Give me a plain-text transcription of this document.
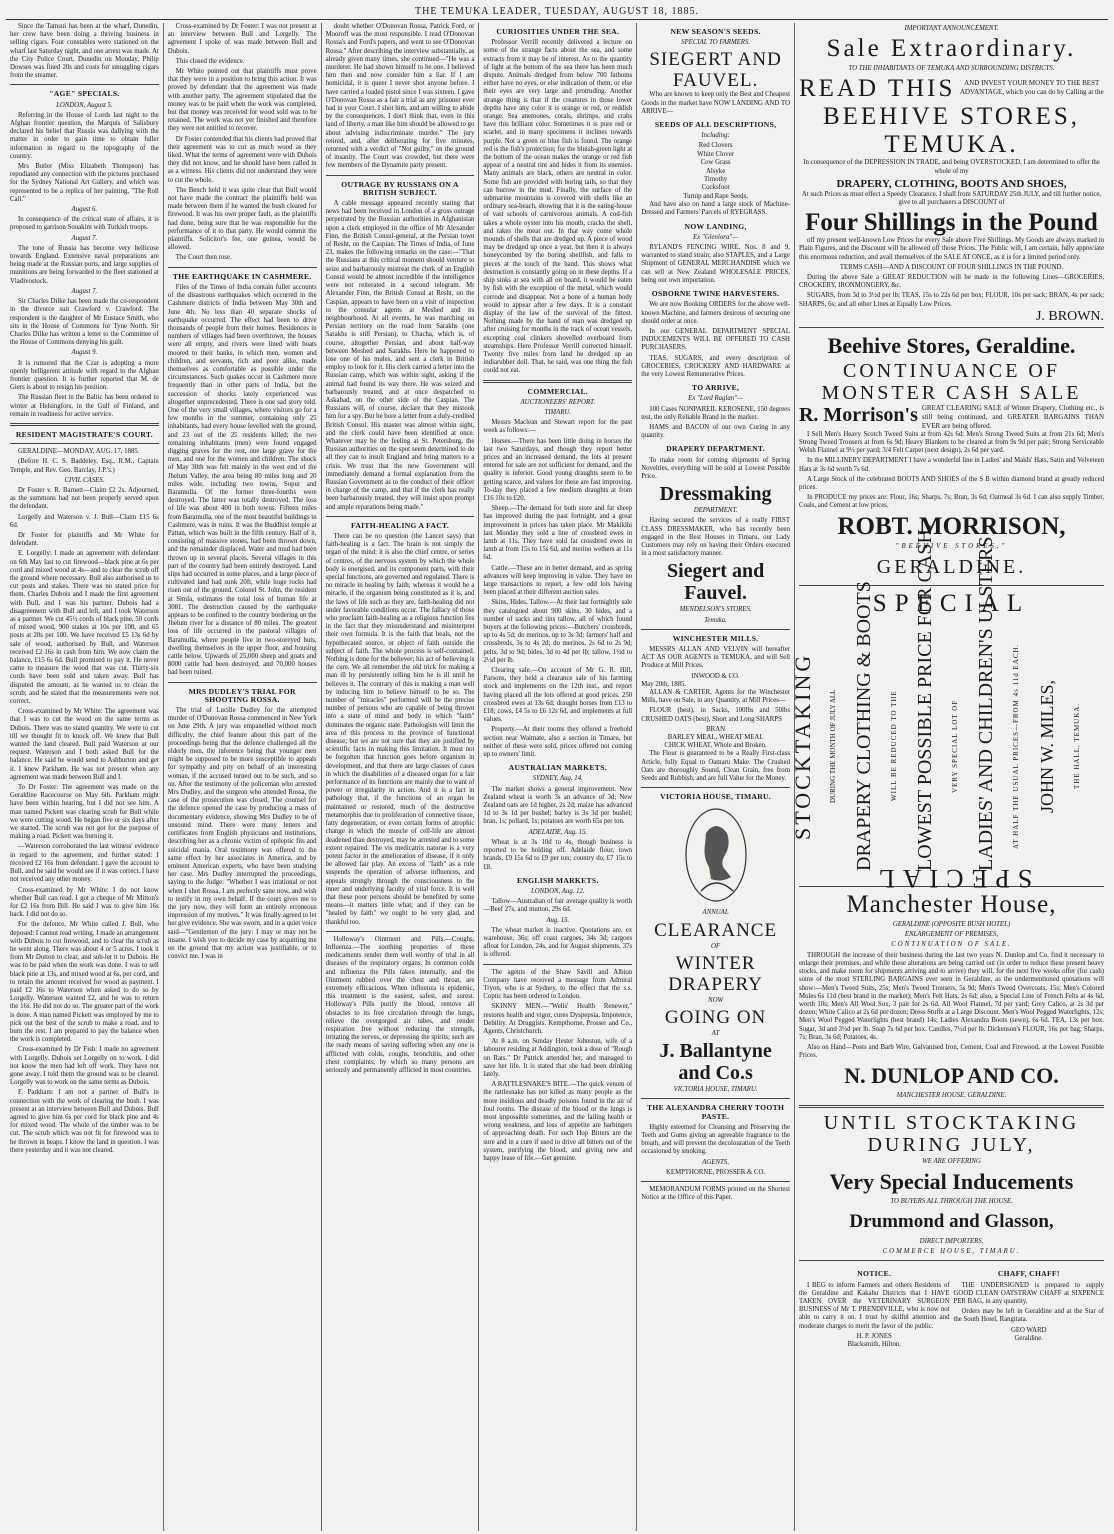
THE TEMUKA LEADER, TUESDAY, AUGUST 18, 1885.

Since the Tamsui has been at the wharf, Dunedin, her crew have been doing a thriving business in selling cigars. Four constables were stationed on the wharf last Saturday night, and one arrest was made. At the City Police Court, Dunedin on Monday, Philip Dowses was fined 20s and costs for smuggling cigars from the steamer.

"AGE" SPECIALS.
LONDON, August 5.

Referring in the House of Lords last night to the Afghan frontier question, the Marquis of Salisbury declared his belief that Russia was dallying with the matter in order to gain time to obtain fuller information in regard to the topography of the country.

Mrs Butler (Miss Elizabeth Thompson) has repudiated any connection with the pictures purchased for the Sydney National Art Gallery, and which was represented to be a replica of her painting, "The Roll Call."

August 6.

In consequence of the critical state of affairs, it is proposed to garrison Souakim with Turkish troops.

August 7.

The tone of Russia has become very bellicose towards England. Extensive naval preparations are being made at the Russian ports, and large supplies of munitions are being forwarded to the fleet stationed at Vladivostock.

August 7.

Sir Charles Dilke has been made the co-respondent in the divorce suit Crawford v. Crawford. The respondent is the daughter of Mr Eustace Smith, who sits in the House of Commons for Tyne North. Sir Charles Dilke has written a letter to the Committee of the House of Commons denying his guilt.

August 9.

It is rumored that the Czar is adopting a more openly belligerent attitude with regard to the Afghan frontier question. It is further reported that M. de Giers is about to resign his position.

The Russian fleet in the Baltic has been ordered to winter at Helsingfors, in the Gulf of Finland, and remain in readiness for active service.

RESIDENT MAGISTRATE'S COURT.

GERALDINE—MONDAY, AUG. 17, 1885.

(Before H. C. S. Baddeley, Esq., R.M., Captain Temple, and Rev. Geo. Barclay, J.P.'s.)

CIVIL CASES.

Dr Foster v. R. Barnett—Claim £2 2s. Adjourned, as the summons had not been properly served upon the defendant.

Lorgelly and Waterson v. J. Bull—Claim £15 6s 6d.

Dr Foster for plaintiffs and Mr White for defendant.

E. Lorgelly: I made an agreement with defendant on 6th May last to cut firewood—black pine at 6s per cord and mixed wood at 4s—and to clear the scrub off the ground where necessary. Bull also authorised us to cut posts and stakes. There was no stated price for them. Charles Dubois and I made the first agreement with Bull, and I was his partner. Dubois had a disagreement with Bull and left, and I took Waterson as a partner. We cut 45½ cords of black pine, 50 cords of mixed wood, 900 stakes at 10s per 100, and 65 posts at 20s per 100. We have received £5 13s 6d by sale of wood, authorised by Bull, and Waterson received £2 16s in cash from him. We now claim the balance, £15 6s 6d. Bull promised to pay it. He never came to measure the wood that was cut. Thirty-six cords have been sold and taken away. Bull has disputed the amount, as he wanted us to clean the scrub; and he stated that the measurements were not correct.

Cross-examined by Mr White: The agreement was that I was to cut the wood on the same terms as Dubois. There was no stated quantity. We were to cut till we thought fit to knock off. We knew that Bull wanted the land cleared. Bull paid Waterson at our request. Waterson and I both asked Bull for the balance. He said he would send to Ashburton and get it. I knew Parkham. He was not present when any agreement was made between Bull and I.

To Dr Foster: The agreement was made on the Geraldine Racecourse on May 6th. Parkham might have been within hearing, but I did not see him. A man named Pickett was clearing scrub for Bull while we were cutting wood. He began five or six days after we started. The scrub was not got for the purpose of making a road. Pickett was burning it.

—Waterson corroborated the last witness' evidence in regard to the agreement, and further stated: I received £2 16s from defendant. I gave the account to Bull, and he said he would see if it was correct. I have not received any other money.

Cross-examined by Mr White: I do not know whether Bull can read. I got a cheque of Mr Mitton's for £2 16s from Bill. He said I was to give him 16s back. I did not do so.

For the defence, Mr White called J. Bull, who deposed: I cannot read writing. I made an arrangement with Dubois to cut firewood, and to clear the scrub as he went along. There was about 4 or 5 acres. I took it from Mr Dutton to clear, and sub-let it to Dubois. He was to be paid when the work was done. I was to sell black pine at 13s, and mixed wood at 6s, per cord, and to retain the amount received for wood as payment. I paid £2 16s to Waterson when asked to do so by Lorgelly. Waterson wanted £2, and he was to return the 16s. He did not do so. The greater part of the work is done. A man named Pickett was employed by me to pick out the best of the scrub to make a road, and to burn the rest. I am prepared to pay the balance when the work is completed.

Cross-examined by Dr Fish: I made no agreement with Lorgelly. Dubois set Lorgelly on to work. I did not know the men had left off work. They have not gone away. I told them the ground was to be cleared. Lorgelly was to work on the same terms as Dubois.

F. Parkham: I am not a partner of Bull's in connection with the work of clearing the bush. I was present at an interview between Bull and Dubois. Bull agreed to give him 6s per cord for black pine and 4s for mixed wood. The whole of the timber was to be cut. The scrub which was not fit for firewood was to be thrown in heaps. I know the land in question. I was there yesterday and it was not cleared.

Cross-examined by Dr Foster: I was not present at an interview between Bull and Lorgelly. The agreement I spoke of was made between Bull and Dubois.

This closed the evidence.

Mr White pointed out that plaintiffs must prove that they were in a position to bring this action. It was proved by defendant that the agreement was made with another party. The agreement stipulated that the money was to be paid when the work was completed, but that money was received for wood sold was to be retained. The work was not yet finished and therefore they were not entitled to recover.

Dr Foster contended that his clients had proved that their agreement was to cut as much wood as they liked. What the terms of agreement were with Dubois they did not know, and he should have been called in as a witness. His clients did not understand they were to cut the whole.

The Bench held it was quite clear that Bull would not have made the contract the plaintiffs held was made between them if he wanted the bush cleared for firewood. It was his own proper fault, as the plaintiffs had done, being sure that he was responsible for the performance of it to that party. He would commit the plaintiffs. Solicitor's fee, one guinea, would be allowed.

The Court then rose.

THE EARTHQUAKE IN CASHMERE.

Files of the Times of India contain fuller accounts of the disastrous earthquakes which occurred in the Cashmere districts of India between May 30th and June 4th. No less than 40 separate shocks of earthquake occurred. The effect had been to drive thousands of people from their homes. Residences in numbers of villages had been overthrown, the houses were all empty, and rivers were lined with boats moored to their banks, in which men, women and children, and servants, rich and poor alike, made themselves as comfortable as possible under the circumstances. Such quakes occur in Cashmere more frequently than in other parts of India, but the succession of shocks lately experienced was altogether unprecedented. There is one sad story told. One of the very small villages, where visitors go for a few months in the summer, containing only 25 inhabitants, had every house levelled with the ground, and 23 out of the 25 residents killed; the two remaining inhabitants (men) were found engaged digging graves for the rest, one large grave for the men, and one for the women and children. The shock of May 30th was felt mainly in the west end of the Jhelum Valley, the area being 80 miles long and 20 miles wide, including two towns, Sopur and Baramulla. Of the former three-fourths were destroyed. The latter was totally destroyed. The loss of life was about 400 in both towns. Fifteen miles from Baramulla, one of the most beautiful buildings in Cashmere, was in ruins. It was the Buddhist temple at Pattan, which was built in the fifth century. Half of it, consisting of massive stones, had been thrown down, and the remainder displaced. Water and mud had been thrown up in several places. Several villages in this part of the country had been entirely destroyed. Land slips had occurred in some places, and a large piece of cultivated land had sunk 20ft, while huge rocks had risen out of the ground. Colonel St. John, the resident at Simla, estimates the total loss of human life at 3081. The destruction caused by the earthquake appears to be confined to the country bordering on the Jhelum river for a distance of 80 miles. The greatest loss of life occurred in the pastoral villages of Baramulla, where people live in two-storeyed huts, dwelling themselves in the upper floor, and housing cattle below. Upwards of 25,000 sheep and goats and 8000 cattle had been destroyed, and 70,000 houses had been ruined.

MRS DUDLEY'S TRIAL FOR SHOOTING ROSSA.

The trial of Lucille Dudley for the attempted murder of O'Donovan Rossa commenced in New York on June 29th. A jury was empanelled without much difficulty, the chief feature about this part of the proceedings being that the defence challenged all the elderly men, the inference being that younger men might be supposed to be more susceptible to appeals for sympathy and pity on behalf of an interesting woman, if the accused turned out to be such, and so on. After the testimony of the policeman who arrested Mrs Dudley, and the surgeon who attended Rossa, the case of the prosecution was closed. The counsel for the defence opened the case by producing a mass of documentary evidence, showing Mrs Dudley to be of unsound mind. There were many letters and certificates from English physicians and institutions, describing her as a chronic victim of epileptic fits and suicidal mania. Oral testimony was offered to the same effect by her associates in America, and by eminent American experts, who have been studying her case. Mrs Dudley interrupted the proceedings, saying to the Judge: "Whether I was irrational or not when I shot Rossa, I am perfectly sane now, and wish to testify in my own behalf. If the court gives me to the jury now, they will form an entirely erroneous impression of my motives." It was finally agreed to let her give evidence. She was sworn, and in a quiet voice said—"Gentlemen of the jury: I may or may not be insane. I wish you to decide my case by acquitting me on the ground that my action was justifiable, or to convict me. I was in

doubt whether O'Donovan Rossa, Patrick Ford, or Mooroff was the most responsible. I read O'Donovan Rossa's and Ford's papers, and went to see O'Donovan Rossa." After describing the interview substantially, as already given many times, she continued—"He was a murderer. He had shown himself to be one. I believed him then and now consider him a liar. If I am homicidal, it is queer I never shot anyone before. I have carried a loaded pistol since I was sixteen. I gave O'Donovan Rossa as a fair a trial as any prisoner ever had in your Court. I shot him, and am willing to abide by the consequences. I don't think that, even in this land of liberty, a man like him should be allowed to go about advising indiscriminate murder." The jury retired, and, after deliberating for five minutes, returned with a verdict of "Not guilty," on the ground of insanity. The Court was crowded, but there were few members of the Dynamite party present.

OUTRAGE BY RUSSIANS ON A BRITISH SUBJECT.

A cable message appeared recently stating that news had been received in London of a gross outrage perpetrated by the Russian authorities in Afghanistan upon a clerk employed in the office of Mr Alexander Finn, the British Consul-general, at the Persian town of Resht, on the Caspian. The Times of India, of June 23, makes the following remarks on the case:—"That the Russians at this critical moment should venture to seize and barbarously mistreat the clerk of an English Consul would be almost incredible if the intelligence were not reiterated in a second telegram. Mr Alexander Finn, the British Consul at Resht, on the Caspian, appears to have been on a visit of inspection to the consular agents at Meshed and its neighbourhood. At all events, he was marching on Persian territory on the road from Sarakhs (one Sarakhs is still Persian), to Chacha, which is, of course, altogether Persian, and about half-way between Meshed and Sarakhs. Here he happened to lose one of his mules, and sent a clerk in British employ to look for it. His clerk carried a letter into the Russian camp, which was within sight, asking if the animal had found its way there. He was seized and barbarously treated, and at once despatched to Askabad, on the other side of the Caspian. The Russians will, of course, declare that they mistook him for a spy. But he bore a letter from a duly-credited British Consul. His master was almost within sight, and the clerk could have been identified at once. Whatever may be the feeling at St. Petersburg, the Russian authorities on the spot seem determined to do all they can to insult England and bring matters to a crisis. We trust that the new Government will immediately demand a formal explanation from the Russian Government as to the conduct of their officer in charge of the camp, and that if the clerk has really been barbarously treated, they will insist upon prompt and ample reparations being made."

FAITH-HEALING A FACT.

There can be no question (the Lancet says) that faith-healing is a fact. The brain is not simply the organ of the mind: it is also the chief centre, or series of centres, of the nervous system by which the whole body is energised, and its component parts, with their special functions, are governed and regulated. There is no miracle in healing by faith; whereas it would be a miracle, if the organism being constituted as it is, and the laws of life such as they are, faith-healing did not under favorable conditions occur. The fallacy of those who proclaim faith-healing as a religious function lies in the fact that they misunderstand and misinterpret their own formula. It is the faith that heals, not the hypothecated source, or object of faith outside the subject of faith. The whole process is self-contained. Nothing is done for the believer; his act of believing is the cure. We all remember the old trick for making a man ill by persistently telling him he is ill until he believes it. The contrary of this is making a man well by inducing him to believe himself to be so. The number of "miracles" performed will be the precise number of persons who are capable of being thrown into a state of mind and body in which "faith" dominates the organic state. Pathologists will limit the area of this process to the province of functional disease; but we are not sure that they are justified by scientific facts in making this limitation. It must not be forgotten that function goes before organism in development, and that there are large classes of cases in which the disabilities of a diseased organ for a fair performance of its functions are mainly due to want of power or irregularity in action. And it is a fact in pathology that, if the functions of an organ be maintained or restored, much of the destructive metamorphis due to proliferation of connective tissue, fatty degeneration, or even certain forms of atrophic change in which the muscle of cell-life are almost deadened than destroyed, may be arrested and to some extent repaired. The vis medicatrix naturae is a very potent factor in the amelioration of disease, if it only be allowed fair play. An excess of "faith" as a rule suspends the operation of adverse influences, and appeals strongly through the consciousness to the inner and underlying faculty of vital force. It is well that these poor persons should be benefited by some means—it matters little what; and if they can be "healed by faith" we ought to be very glad, and thankful too.

Holloway's Ointment and Pills.—Coughs, Influenza.—The soothing properties of these medicaments render them well worthy of trial in all diseases of the respiratory organs. In common colds and influenza the Pills taken internally, and the Ointment rubbed over the chest and throat, are extremely efficacious. When influenza is epidemic, this treatment is the easiest, safest, and surest. Holloway's Pills purify the blood, remove all obstacles to its free circulation through the lungs, relieve the overgorged air tubes, and render respiration free without reducing the strength, irritating the nerves, or depressing the spirits; such are the ready means of saving suffering when any one is afflicted with colds, coughs, bronchitis, and other chest complaints, by which so many persons are seriously and permanently afflicted in most countries.

CURIOSITIES UNDER THE SEA.

Professor Verrill recently delivered a lecture on some of the strange facts about the sea, and some extracts from it may be of interest. As to the quantity of light at the bottom of the sea there has been much dispute. Animals dredged from below 700 fathoms either have no eyes, or else indication of them, or else their eyes are very large and protruding. Another strange thing is that if the creatures in those lower depths have any color it is orange or red, or reddish orange. Sea anemones, corals, shrimps, and crabs have this brilliant color. Sometimes it is pure red or scarlet, and in many specimens it inclines towards purple. Not a green or blue fish is found. The orange red is the fish's protection; for the bluish-green light at the bottom of the ocean makes the orange or red fish appear of a neutral tint and hides it from its enemies. Many animals are black, others are neutral in color. Some fish are provided with boring tails, so that they can burrow in the mud. Finally, the surface of the submarine mountains is covered with shells like an ordinary sea-beach, showing that it is the eating-house of vast schools of carnivorous animals. A cod-fish takes a whole oyster into his mouth, cracks the shell, and takes the meat out. In that way come whole mounds of shells that are dredged up. A piece of wood may be dredged up once a year, but then it is always honeycombed by the boring shellfish, and falls to pieces at the touch of the hand. This shows what destruction is constantly going on in these depths. If a ship sinks at sea with all on board, it would be eaten by fish with the exception of the metal, which would corrode and disappear. Not a bone of a human body would to appear after a few days. It is a constant display of the law of the survival of the fittest. Nothing made by the hand of man was dredged up after cruising for months in the track of ocean vessels, excepting coal clinkers shovelled overboard from steamships. Here Professor Verrill corrected himself. Twenty five miles from land he dredged up an indiarubber doll. That, he said, was one thing the fish could not eat.

COMMERCIAL.
AUCTIONEERS' REPORT.
TIMARU.

Messrs Maclean and Stewart report for the past week as follows:—

Horses.—There has been little doing in horses the last two Saturdays, and though they report better prices and an increased demand, the lots at present entered for sale are not sufficient for demand, and the quality is inferior. Good young draughts seem to be getting scarce, and values for these are fast improving. To-day they placed a few medium draughts at from £16 10s to £20.

Sheep.—The demand for both store and fat sheep has improved during the past fortnight, and a great improvement in prices has taken place. Mr Makikihi last Monday they sold a line of crossbred ewes in lamb at 11s. They have sold fat crossbred ewes in lamb at from 15s to 15s 6d, and merino wethers at 11s 6d.

Cattle.—These are in better demand, and as spring advances will keep improving in value. They have no large transactions to report, a few odd lots having been placed at their different auction sales.

Skins, Hides, Tallow.—At their last fortnightly sale they catalogued about 900 skins, 30 hides, and a number of sacks and tins tallow, all of which found buyers at the following prices:—Butchers' crossbreds, up to 4s 5d; do merinos, up to 3s 3d; farmers' half and crossbreds, 3s to 4s 2d; do merinos, 2s 6d to 2s 9d; pelts, 3d to 9d; hides, 3d to 4d per lb; tallow, 1½d to 2½d per lb.

Clearing sale.—On account of Mr G. R. Hill, Parsons, they held a clearance sale of his farming stock and implements on the 12th inst., and report having placed all the lots offered at good prices. 250 crossbred ewes at 13s 6d; draught horses from £13 to £18; cows, £4 5s to £6 12s 6d, and implements at full values.

Property.—At their rooms they offered a freehold section near Waimate, also a section in Timaru, but neither of these were sold, prices offered not coming up to owners' limit.

AUSTRALIAN MARKETS.
SYDNEY, Aug. 14.

The market shows a general improvement. New Zealand wheat is worth 3s an advance of 3d; New Zealand oats are 1d higher, 2s 2d; maize has advanced 1d to 3s 1d per bushel; barley is 3s 3d per bushel; bran, 1s; pollard, 1s; potatoes are worth 65s per ton.

ADELAIDE, Aug. 15.

Wheat is at 3s 10d to 4s, though business is reported to be holding off. Adelaide flour, town brands, £9 15s 6d to £9 per ton; country do, £7 15s to £8.

ENGLISH MARKETS.
LONDON, Aug. 12.

Tallow—Australian of fair average quality is worth—Beef 27s, and mutton, 29s 6d.

Aug. 15.

The wheat market is inactive. Quotations are, ex warehouse, 36s; off coast cargoes, 34s 3d; cargoes afloat for London, 24s, and for August shipments, 37s is offered.

The agents of the Shaw Savill and Albion Company have received a message from Admiral Tryon, who is at Sydney, to the effect that the s.s. Coptic has been ordered to London.

SKINNY MEN.—"Wells' Health Renewer," restores health and vigor, cures Dyspepsia, Impotence, Debility. At Druggists. Kempthorne, Prosser and Co., Agents, Christchurch.

At 8 a.m. on Sunday Hester Johnston, wife of a labourer residing at Addington, took a dose of "Rough on Rats." Dr Patrick attended her, and managed to save her life. It is stated that she had been drinking lately.

A RATTLESNAKE'S BITE.—The quick venom of the rattlesnake has not killed as many people as the more insidious and deadly poisons found in the air of foul rooms. The disease of the blood or the lungs is most impossible sometimes, and the failing health or wrong weakness, and loss of appetite are harbingers of approaching death. For such Hop Bitters are the sure and in a cure if used to drive all bitters out of the system, purifying the blood, and giving new and happy lease of life.—Get genuine.

NEW SEASON'S SEEDS.
SPECIAL TO FARMERS.
SIEGERT AND FAUVEL.

Who are known to keep only the Best and Cheapest Goods in the market have NOW LANDING AND TO ARRIVE—

SEEDS OF ALL DESCRIPTIONS,
Including:
Red Clovers
White Clover
Cow Grass
Alsyke
Timothy
Cocksfoot
Turnip and Rape Seeds,

And have also on hand a large stock of Machine-Dressed and Farmers' Parcels of RYEGRASS.

NOW LANDING,
Ex "Glenlora"—

RYLAND'S FENCING WIRE, Nos. 8 and 9, warranted to stand strain; also STAPLES, and a Large Shipment of GENERAL MERCHANDISE which we can sell at New Zealand WHOLESALE PRICES, being our own importation.

OSBORNE TWINE HARVESTERS.

We are now Booking ORDERS for the above well-known Machine, and farmers desirous of securing one should order at once.

In our GENERAL DEPARTMENT SPECIAL INDUCEMENTS WILL BE OFFERED TO CASH PURCHASERS.

TEAS, SUGARS, and every description of GROCERIES, CROCKERY AND HARDWARE at the very Lowest Remunerative Prices.

TO ARRIVE,
Ex "Lord Raglan"—

100 Cases NONPAREIL KEROSENE, 150 degrees test, the only Reliable Brand in the market.

HAMS and BACON of our own Curing in any quantity.

DRAPERY DEPARTMENT.

To make room for coming shipments of Spring Novelties, everything will be sold at Lowest Possible Price.

Dressmaking
DEPARTMENT.

Having secured the services of a really FIRST CLASS DRESSMAKER, who has recently been engaged in the Best Houses in Timaru, our Lady Customers may rely on having their Orders executed in a most satisfactory manner.

Siegert and Fauvel.
MENDELSON'S STORES,
Temuka.
WINCHESTER MILLS.

MESSRS ALLAN AND VELVIN will hereafter ACT AS OUR AGENTS in TEMUKA, and will Sell Produce at Mill Prices.

INWOOD & CO.
May 20th, 1885.

ALLAN & CARTER, Agents for the Winchester Mills, have on Sale, in any Quantity, at Mill Prices—

FLOUR (best), in Sacks, 100lbs and 50lbs CRUSHED OATS (best), Short and Long SHARPS

BRAN
BARLEY MEAL, WHEAT MEAL
CHICK WHEAT, Whole and Broken.

The Flour is guaranteed to be a Really First-class Article, fully Equal to Oamaru Make. The Crushed Oats are thoroughly Sound, Clean Grain, free from Seeds and Rubbish, and are full Value for the Money.

VICTORIA HOUSE, TIMARU.
ANNUAL
CLEARANCE
OF
WINTER DRAPERY
NOW
GOING ON
AT
J. Ballantyne and Co.s
VICTORIA HOUSE, TIMARU.
THE ALEXANDRA CHERRY TOOTH PASTE.

Highly esteemed for Cleansing and Preserving the Teeth and Gums giving an agreeable fragrance to the breath, and will prevent the decolouration of the Teeth occasioned by smoking.

AGENTS,
KEMPTHORNE, PROSSER & CO.

MEMORANDUM FORMS printed on the Shortest Notice at the Office of this Paper.

IMPORTANT ANNOUNCEMENT.
Sale Extraordinary.
TO THE INHABITANTS OF TEMUKA AND SURROUNDING DISTRICTS.
READ THIS	AND INVEST YOUR MONEY TO THE BEST ADVANTAGE, which you can do by Calling at the
BEEHIVE STORES, TEMUKA.

In consequence of the DEPRESSION IN TRADE, and being OVERSTOCKED, I am determined to offer the whole of my

DRAPERY, CLOTHING, BOOTS AND SHOES,

At such Prices as must effect a Speedy Clearance. I shall from SATURDAY 25th JULY, and till further notice, give to all purchasers a DISCOUNT of

Four Shillings in the Pound

off my present well-known Low Prices for every Sale above Five Shillings. My Goods are always marked in Plain Figures, and the Discount will be allowed off those Prices. The Public will, I am certain, fully appreciate this enormous reduction, and avail themselves of the SALE AT ONCE, as it is for a limited period only.

TERMS CASH—AND A DISCOUNT OF FOUR SHILLINGS IN THE POUND.

During the above Sale a GREAT REDUCTION will be made in the following Lines—GROCERIES, CROCKERY, IRONMONGERY, &c.

SUGARS, from 3d to 3½d per lb; TEAS, 15s to 22s 6d per box; FLOUR, 10s per sack; BRAN, 4s per sack; SHARPS, 6s; and all other Lines at Equally Low Prices.

J. BROWN.
Beehive Stores, Geraldine.
CONTINUANCE OF MONSTER CASH SALE
R. Morrison's GREAT CLEARING SALE of Winter Drapery, Clothing etc., is still being continued, and GREATER BARGAINS THAN EVER are being offered.

I Sell Men's Heavy Scotch Tweed Suits at from 42s 6d; Men's Strong Tweed Suits at from 21s 6d; Men's Strong Tweed Trousers at from 6s 9d; Heavy Blankets to be cleared at from 9s 9d per pair; Strong Serviceable Welsh Flannel at 9½ per yard; 3/4 Felt Carpet (next design), 2s 6d per yard.

In the MILLINERY DEPARTMENT I have a wonderful line in Ladies' and Maids' Hats, Satin and Velveteen Hats at 3s 6d worth 7s 6d.

A Large Stock of the celebrated BOOTS AND SHOES of the S B within diamond brand at greatly reduced prices.

In PRODUCE my prices are: Flour, 16s; Sharps, 7s; Bran, 3s 6d; Oatmeal 3s 6d. I can also supply Timber, Coals, and Cement at low prices.

ROBT. MORRISON,
"BEEHIVE STORES,"
GERALDINE.
SPECIAL
STOCKTAKING	DURING THE MONTH OF JULY ALL DRAPERY CLOTHING & BOOTS	WILL BE REDUCED TO THE LOWEST POSSIBLE PRICE FOR CASH.	VERY SPECIAL LOT OF LADIES' AND CHILDREN'S ULSTERS	AT HALF THE USUAL PRICES—FROM 4s 11d EACH. JOHN W. MILES,	THE HALL, TEMUKA.
SPECIAL
Manchester House,
GERALDINE (OPPOSITE BUSH HOTEL)
ENLARGEMENT OF PREMISES,
CONTINUATION OF SALE.

THROUGH the increase of their business during the last two years N. Dunlop and Co. find it necessary to enlarge their premises, and while these alterations are being carried out (in order to reduce these present heavy stocks, and make room for shipments arriving and to arrive) they will, for the next five weeks offer (for cash) some of the most STERLING BARGAINS ever seen in Geraldine, as the undermentioned quotations will show:—Men's Tweed Suits, 25s; Men's Tweed Trousers, 5s 9d; Men's Tweed Overcoats, 15s; Men's Colored Moles 6s 11d (best brand in the market); Men's Felt Hats, 2s 6d; also, a Special Line of French Felts at 4s 6d, worth 10s; Men's All Wool Sox, 3 pair for 2s 6d. All Wool Flannel, 7d per yard; Grey Calico, at 2s 3d per dozen; White Calico at 2s 6d per dozen; Dress Stuffs at a Large Discount. Men's Wool Pegged Waterlights, 12s; Men's Wool Pegged Waterlights (best brand) 14s; Ladies Alexandra Boots (sewn), 6s 6d. TEA, 13s per box. Sugar, 3d and 3½d per lb. Soap 7s 6d per box. Candles, 7½d per lb. Dickenson's FLOUR, 16s per bag; Sharps, 7s; Bran, 3s 6d; Potatoes, 4s.

Also on Hand—Posts and Barb Wire, Galvanised Iron, Cement, Coal and Firewood, at the Lowest Possible Prices.

N. DUNLOP AND CO.
MANCHESTER HOUSE, GERALDINE.
UNTIL STOCKTAKING DURING JULY,
WE ARE OFFERING
Very Special Inducements
TO BUYERS ALL THROUGH THE HOUSE.
Drummond and Glasson,
DIRECT IMPORTERS,
COMMERCE HOUSE, TIMARU.
NOTICE.

I BEG to inform Farmers and others Residents of the Geraldine and Kakahu Districts that I HAVE TAKEN OVER the VETERINARY SURGEON BUSINESS of Mr T. PRENDIVILLE, who is now not able to carry it on. I trust by skilful attention and moderate charges to merit the favor of the public.

H. P. JONES
Blacksmith, Hilton.
CHAFF, CHAFF!

THE UNDERSIGNED is prepared to supply GOOD CLEAN OATSTRAW CHAFF at SIXPENCE PER BAG, in any quantity.

Orders may be left in Geraldine and at the Star of the South Hotel, Rangitata.

GEO WARD
Geraldine.
